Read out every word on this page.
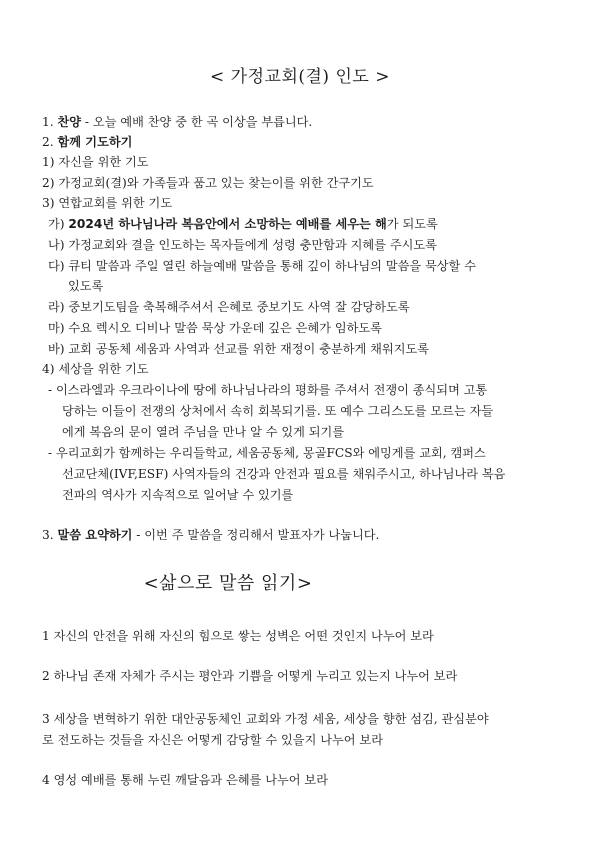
< 가정교회(결) 인도 >
1. 찬양 - 오늘 예배 찬양 중 한 곡 이상을 부릅니다.
2. 함께 기도하기
1) 자신을 위한 기도
2) 가정교회(결)와 가족들과 품고 있는 찾는이를 위한 간구기도
3) 연합교회를 위한 기도
가) 2024년 하나님나라 복음안에서 소망하는 예배를 세우는 해가 되도록
나) 가정교회와 결을 인도하는 목자들에게 성령 충만함과 지혜를 주시도록
다) 큐티 말씀과 주일 열린 하늘예배 말씀을 통해 깊이 하나님의 말씀을 묵상할 수
있도록
라) 중보기도팀을 축복해주셔서 은혜로 중보기도 사역 잘 감당하도록
마) 수요 렉시오 디비나 말씀 묵상 가운데 깊은 은혜가 임하도록
바) 교회 공동체 세움과 사역과 선교를 위한 재정이 충분하게 채워지도록
4) 세상을 위한 기도
- 이스라엘과 우크라이나에 땅에 하나님나라의 평화를 주셔서 전쟁이 종식되며 고통
당하는 이들이 전쟁의 상처에서 속히 회복되기를. 또 예수 그리스도를 모르는 자들
에게 복음의 문이 열려 주님을 만나 알 수 있게 되기를
- 우리교회가 함께하는 우리들학교, 세움공동체, 몽골FCS와 에밍게를 교회, 캠퍼스
선교단체(IVF,ESF) 사역자들의 건강과 안전과 필요를 채워주시고, 하나님나라 복음
전파의 역사가 지속적으로 일어날 수 있기를
3. 말씀 요약하기 - 이번 주 말씀을 정리해서 발표자가 나눕니다.
<삶으로 말씀 읽기>
1 자신의 안전을 위해 자신의 힘으로 쌓는 성벽은 어떤 것인지 나누어 보라
2 하나님 존재 자체가 주시는 평안과 기쁨을 어떻게 누리고 있는지 나누어 보라
3 세상을 변혁하기 위한 대안공동체인 교회와 가정 세움, 세상을 향한 섬김, 관심분야
로 전도하는 것들을 자신은 어떻게 감당할 수 있을지 나누어 보라
4 영성 예배를 통해 누린 깨달음과 은혜를 나누어 보라
